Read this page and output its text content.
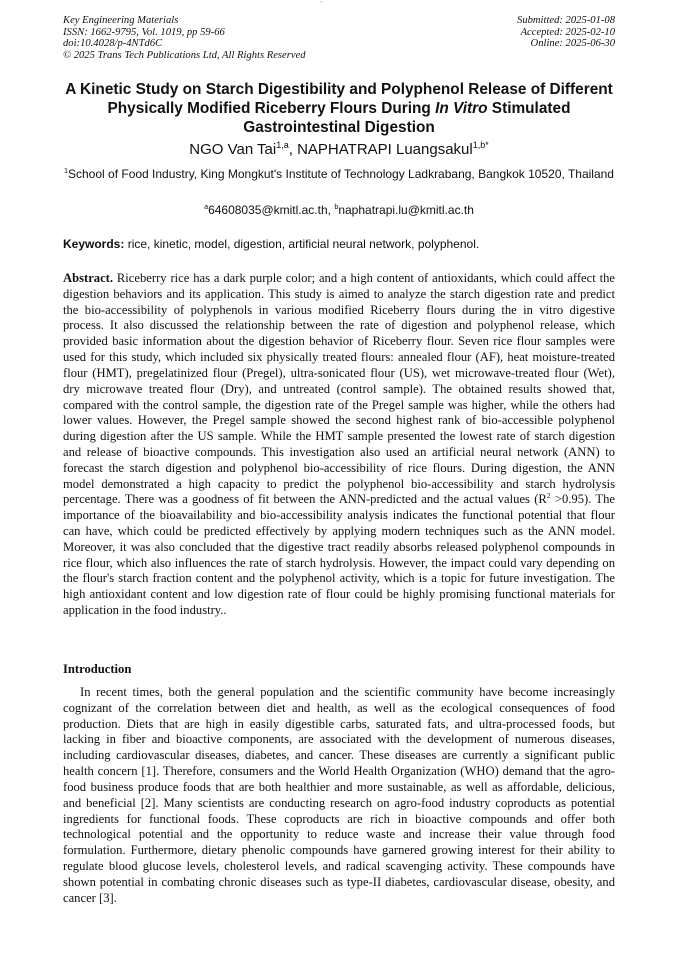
`
Key Engineering Materials
ISSN: 1662-9795, Vol. 1019, pp 59-66
doi:10.4028/p-4NTd6C
© 2025 Trans Tech Publications Ltd, All Rights Reserved
Submitted: 2025-01-08
Accepted: 2025-02-10
Online: 2025-06-30
A Kinetic Study on Starch Digestibility and Polyphenol Release of Different Physically Modified Riceberry Flours During In Vitro Stimulated Gastrointestinal Digestion
NGO Van Tai$^{1,a}$, NAPHATRAPI Luangsakul$^{1,b*}$
$^1$School of Food Industry, King Mongkut's Institute of Technology Ladkrabang, Bangkok 10520, Thailand
$^a$64608035@kmitl.ac.th, $^b$naphatrapi.lu@kmitl.ac.th
Keywords: rice, kinetic, model, digestion, artificial neural network, polyphenol.
Abstract. Riceberry rice has a dark purple color; and a high content of antioxidants, which could affect the digestion behaviors and its application. This study is aimed to analyze the starch digestion rate and predict the bio-accessibility of polyphenols in various modified Riceberry flours during the in vitro digestive process. It also discussed the relationship between the rate of digestion and polyphenol release, which provided basic information about the digestion behavior of Riceberry flour. Seven rice flour samples were used for this study, which included six physically treated flours: annealed flour (AF), heat moisture-treated flour (HMT), pregelatinized flour (Pregel), ultra-sonicated flour (US), wet microwave-treated flour (Wet), dry microwave treated flour (Dry), and untreated (control sample). The obtained results showed that, compared with the control sample, the digestion rate of the Pregel sample was higher, while the others had lower values. However, the Pregel sample showed the second highest rank of bio-accessible polyphenol during digestion after the US sample. While the HMT sample presented the lowest rate of starch digestion and release of bioactive compounds. This investigation also used an artificial neural network (ANN) to forecast the starch digestion and polyphenol bio-accessibility of rice flours. During digestion, the ANN model demonstrated a high capacity to predict the polyphenol bio-accessibility and starch hydrolysis percentage. There was a goodness of fit between the ANN-predicted and the actual values $(R^2 >0.95)$. The importance of the bioavailability and bio-accessibility analysis indicates the functional potential that flour can have, which could be predicted effectively by applying modern techniques such as the ANN model. Moreover, it was also concluded that the digestive tract readily absorbs released polyphenol compounds in rice flour, which also influences the rate of starch hydrolysis. However, the impact could vary depending on the flour's starch fraction content and the polyphenol activity, which is a topic for future investigation. The high antioxidant content and low digestion rate of flour could be highly promising functional materials for application in the food industry..
Introduction
In recent times, both the general population and the scientific community have become increasingly cognizant of the correlation between diet and health, as well as the ecological consequences of food production. Diets that are high in easily digestible carbs, saturated fats, and ultra-processed foods, but lacking in fiber and bioactive components, are associated with the development of numerous diseases, including cardiovascular diseases, diabetes, and cancer. These diseases are currently a significant public health concern [1]. Therefore, consumers and the World Health Organization (WHO) demand that the agro-food business produce foods that are both healthier and more sustainable, as well as affordable, delicious, and beneficial [2]. Many scientists are conducting research on agro-food industry coproducts as potential ingredients for functional foods. These coproducts are rich in bioactive compounds and offer both technological potential and the opportunity to reduce waste and increase their value through food formulation. Furthermore, dietary phenolic compounds have garnered growing interest for their ability to regulate blood glucose levels, cholesterol levels, and radical scavenging activity. These compounds have shown potential in combating chronic diseases such as type-II diabetes, cardiovascular disease, obesity, and cancer [3].
